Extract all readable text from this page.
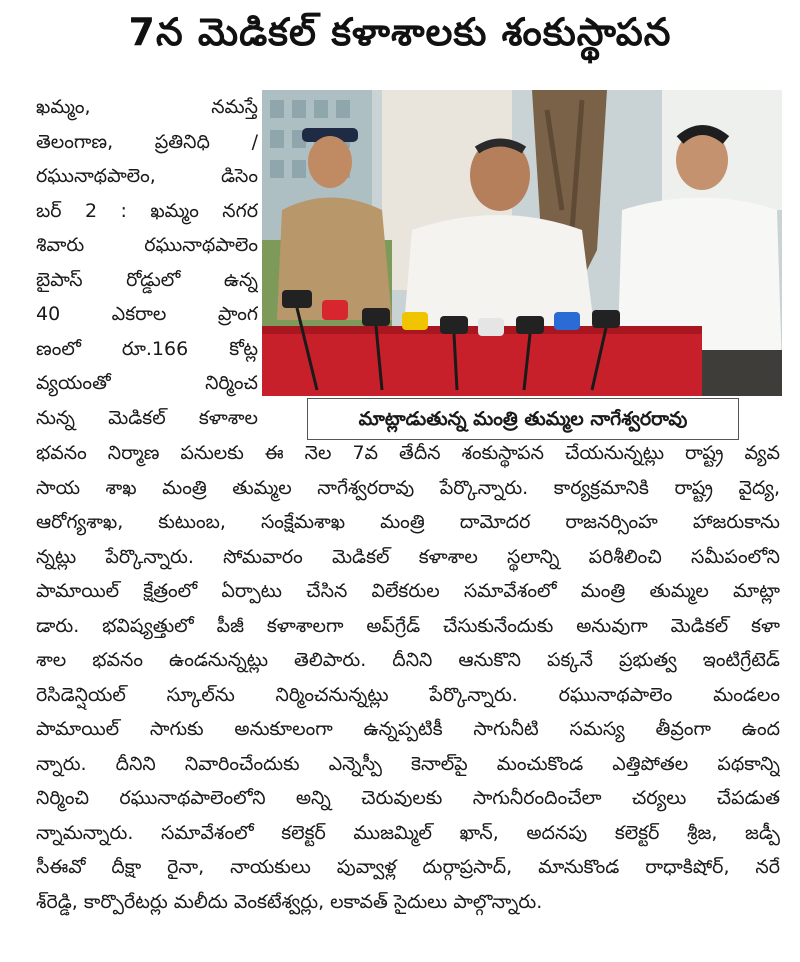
7న మెడికల్ కళాశాలకు శంకుస్థాపన
ఖమ్మం, నమస్తే
తెలంగాణ, ప్రతినిధి /
రఘునాథపాలెం, డిసెం
బర్ 2 : ఖమ్మం నగర
శివారు రఘునాథపాలెం
బైపాస్ రోడ్డులో ఉన్న
40 ఎకరాల ప్రాంగ
ణంలో రూ.166 కోట్ల
వ్యయంతో నిర్మించ
నున్న మెడికల్ కళాశాల	మాట్లాడుతున్న మంత్రి తుమ్మల నాగేశ్వరరావు
భవనం నిర్మాణ పనులకు ఈ నెల 7వ తేదీన శంకుస్థాపన చేయనున్నట్లు రాష్ట్ర వ్యవ
సాయ శాఖ మంత్రి తుమ్మల నాగేశ్వరరావు పేర్కొన్నారు. కార్యక్రమానికి రాష్ట్ర వైద్య,
ఆరోగ్యశాఖ, కుటుంబ, సంక్షేమశాఖ మంత్రి దామోదర రాజనర్సింహ హాజరుకాను
న్నట్లు పేర్కొన్నారు. సోమవారం మెడికల్ కళాశాల స్థలాన్ని పరిశీలించి సమీపంలోని
పామాయిల్ క్షేత్రంలో ఏర్పాటు చేసిన విలేకరుల సమావేశంలో మంత్రి తుమ్మల మాట్లా
డారు. భవిష్యత్తులో పీజీ కళాశాలగా అప్‌గ్రేడ్ చేసుకునేందుకు అనువుగా మెడికల్ కళా
శాల భవనం ఉండనున్నట్లు తెలిపారు. దీనిని ఆనుకొని పక్కనే ప్రభుత్వ ఇంటిగ్రేటెడ్
రెసిడెన్షియల్ స్కూల్‌ను నిర్మించనున్నట్లు పేర్కొన్నారు. రఘునాథపాలెం మండలం
పామాయిల్ సాగుకు అనుకూలంగా ఉన్నప్పటికీ సాగునీటి సమస్య తీవ్రంగా ఉంద
న్నారు. దీనిని నివారించేందుకు ఎన్నెస్పీ కెనాల్‌పై మంచుకొండ ఎత్తిపోతల పథకాన్ని
నిర్మించి రఘునాథపాలెంలోని అన్ని చెరువులకు సాగునీరందించేలా చర్యలు చేపడుత
న్నామన్నారు. సమావేశంలో కలెక్టర్ ముజమ్మిల్ ఖాన్, అదనపు కలెక్టర్ శ్రీజ, జడ్పీ
సీఈవో దీక్షా రైనా, నాయకులు పువ్వాళ్ల దుర్గాప్రసాద్, మానుకొండ రాధాకిషోర్, నరే
శ్‌రెడ్డి, కార్పొరేటర్లు మలీదు వెంకటేశ్వర్లు, లకావత్ సైదులు పాల్గొన్నారు.
